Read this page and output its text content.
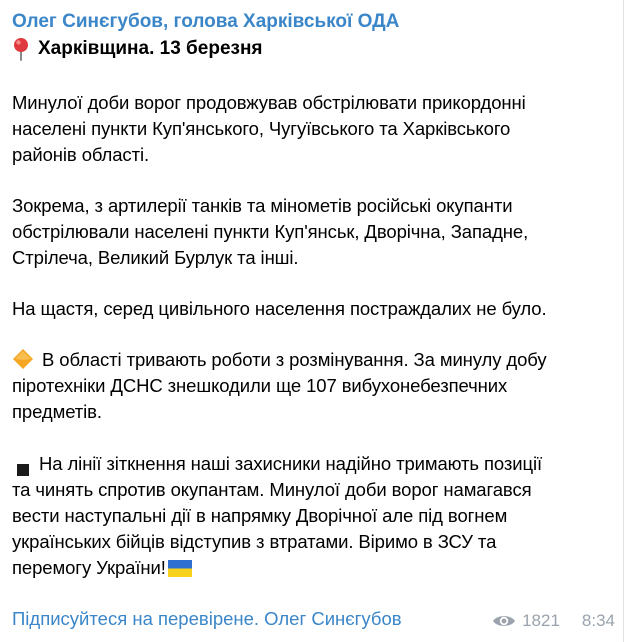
Олег Синєгубов, голова Харківської ОДА
Харківщина. 13 березня
Минулої доби ворог продовжував обстрілювати прикордонні
населені пункти Куп'янського, Чугуївського та Харківського
районів області.
Зокрема, з артилерії танків та мінометів російські окупанти
обстрілювали населені пункти Куп'янськ, Дворічна, Западне,
Стрілеча, Великий Бурлук та інші.
На щастя, серед цивільного населення постраждалих не було.
В області тривають роботи з розмінування. За минулу добу
піротехніки ДСНС знешкодили ще 107 вибухонебезпечних
предметів.
На лінії зіткнення наші захисники надійно тримають позиції
та чинять спротив окупантам. Минулої доби ворог намагався
вести наступальні дії в напрямку Дворічної але під вогнем
українських бійців відступив з втратами. Віримо в ЗСУ та
перемогу України!
Підписуйтеся на перевірене. Олег Синєгубов	1821 8:34
